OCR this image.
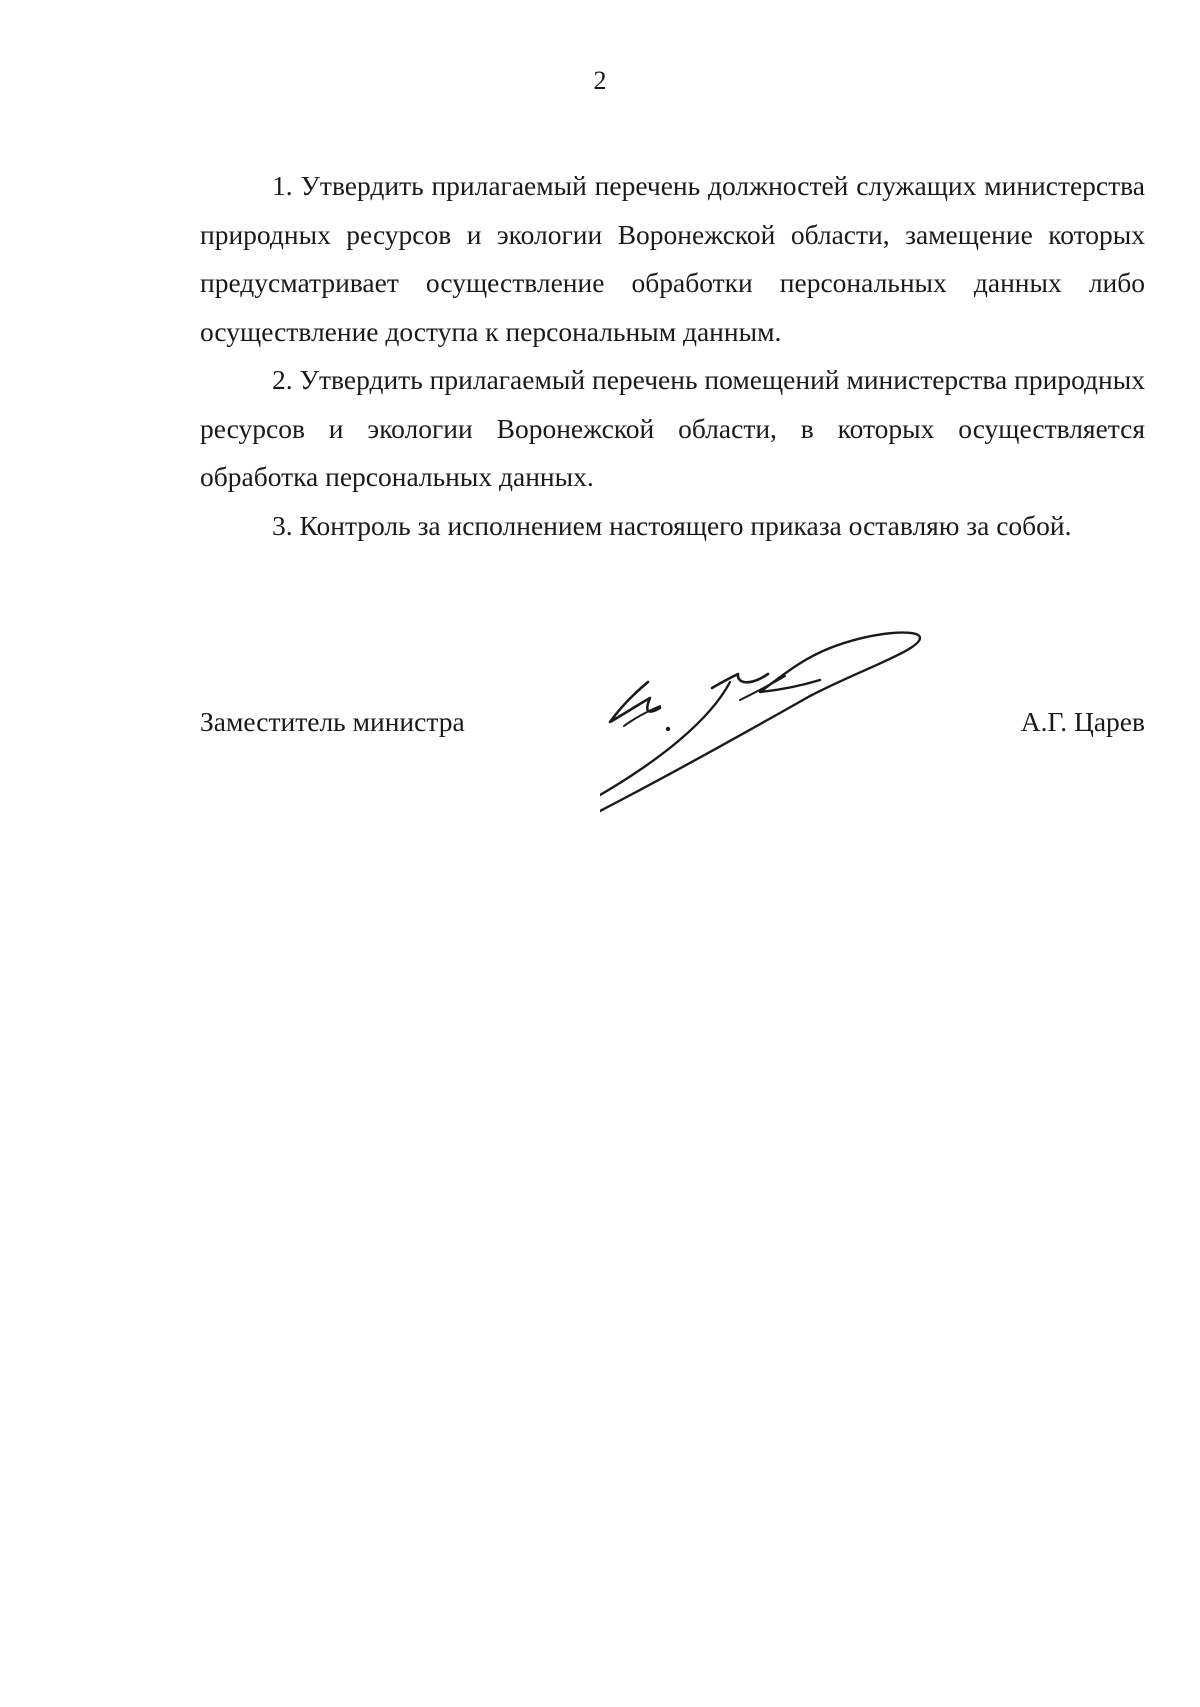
2

1. Утвердить прилагаемый перечень должностей служащих министерства природных ресурсов и экологии Воронежской области, замещение которых предусматривает осуществление обработки персональных данных либо осуществление доступа к персональным данным.

2. Утвердить прилагаемый перечень помещений министерства природных ресурсов и экологии Воронежской области, в которых осуществляется обработка персональных данных.

3. Контроль за исполнением настоящего приказа оставляю за собой.

Заместитель министра	А.Г. Царев
